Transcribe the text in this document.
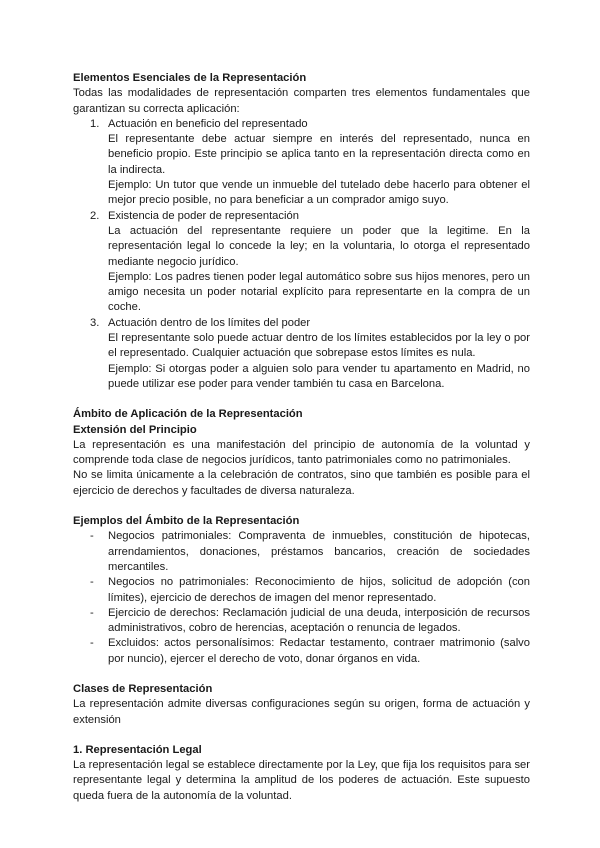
Elementos Esenciales de la Representación

Todas las modalidades de representación comparten tres elementos fundamentales que garantizan su correcta aplicación:

1. Actuación en beneficio del representado
El representante debe actuar siempre en interés del representado, nunca en beneficio propio. Este principio se aplica tanto en la representación directa como en la indirecta.
Ejemplo: Un tutor que vende un inmueble del tutelado debe hacerlo para obtener el mejor precio posible, no para beneficiar a un comprador amigo suyo.
2. Existencia de poder de representación
La actuación del representante requiere un poder que la legitime. En la representación legal lo concede la ley; en la voluntaria, lo otorga el representado mediante negocio jurídico.
Ejemplo: Los padres tienen poder legal automático sobre sus hijos menores, pero un amigo necesita un poder notarial explícito para representarte en la compra de un coche.
3. Actuación dentro de los límites del poder
El representante solo puede actuar dentro de los límites establecidos por la ley o por el representado. Cualquier actuación que sobrepase estos límites es nula.
Ejemplo: Si otorgas poder a alguien solo para vender tu apartamento en Madrid, no puede utilizar ese poder para vender también tu casa en Barcelona.

Ámbito de Aplicación de la Representación

Extensión del Principio

La representación es una manifestación del principio de autonomía de la voluntad y comprende toda clase de negocios jurídicos, tanto patrimoniales como no patrimoniales.

No se limita únicamente a la celebración de contratos, sino que también es posible para el ejercicio de derechos y facultades de diversa naturaleza.

Ejemplos del Ámbito de la Representación

- Negocios patrimoniales: Compraventa de inmuebles, constitución de hipotecas, arrendamientos, donaciones, préstamos bancarios, creación de sociedades mercantiles.
- Negocios no patrimoniales: Reconocimiento de hijos, solicitud de adopción (con límites), ejercicio de derechos de imagen del menor representado.
- Ejercicio de derechos: Reclamación judicial de una deuda, interposición de recursos administrativos, cobro de herencias, aceptación o renuncia de legados.
- Excluidos: actos personalísimos: Redactar testamento, contraer matrimonio (salvo por nuncio), ejercer el derecho de voto, donar órganos en vida.

Clases de Representación

La representación admite diversas configuraciones según su origen, forma de actuación y extensión

1. Representación Legal

La representación legal se establece directamente por la Ley, que fija los requisitos para ser representante legal y determina la amplitud de los poderes de actuación. Este supuesto queda fuera de la autonomía de la voluntad.
